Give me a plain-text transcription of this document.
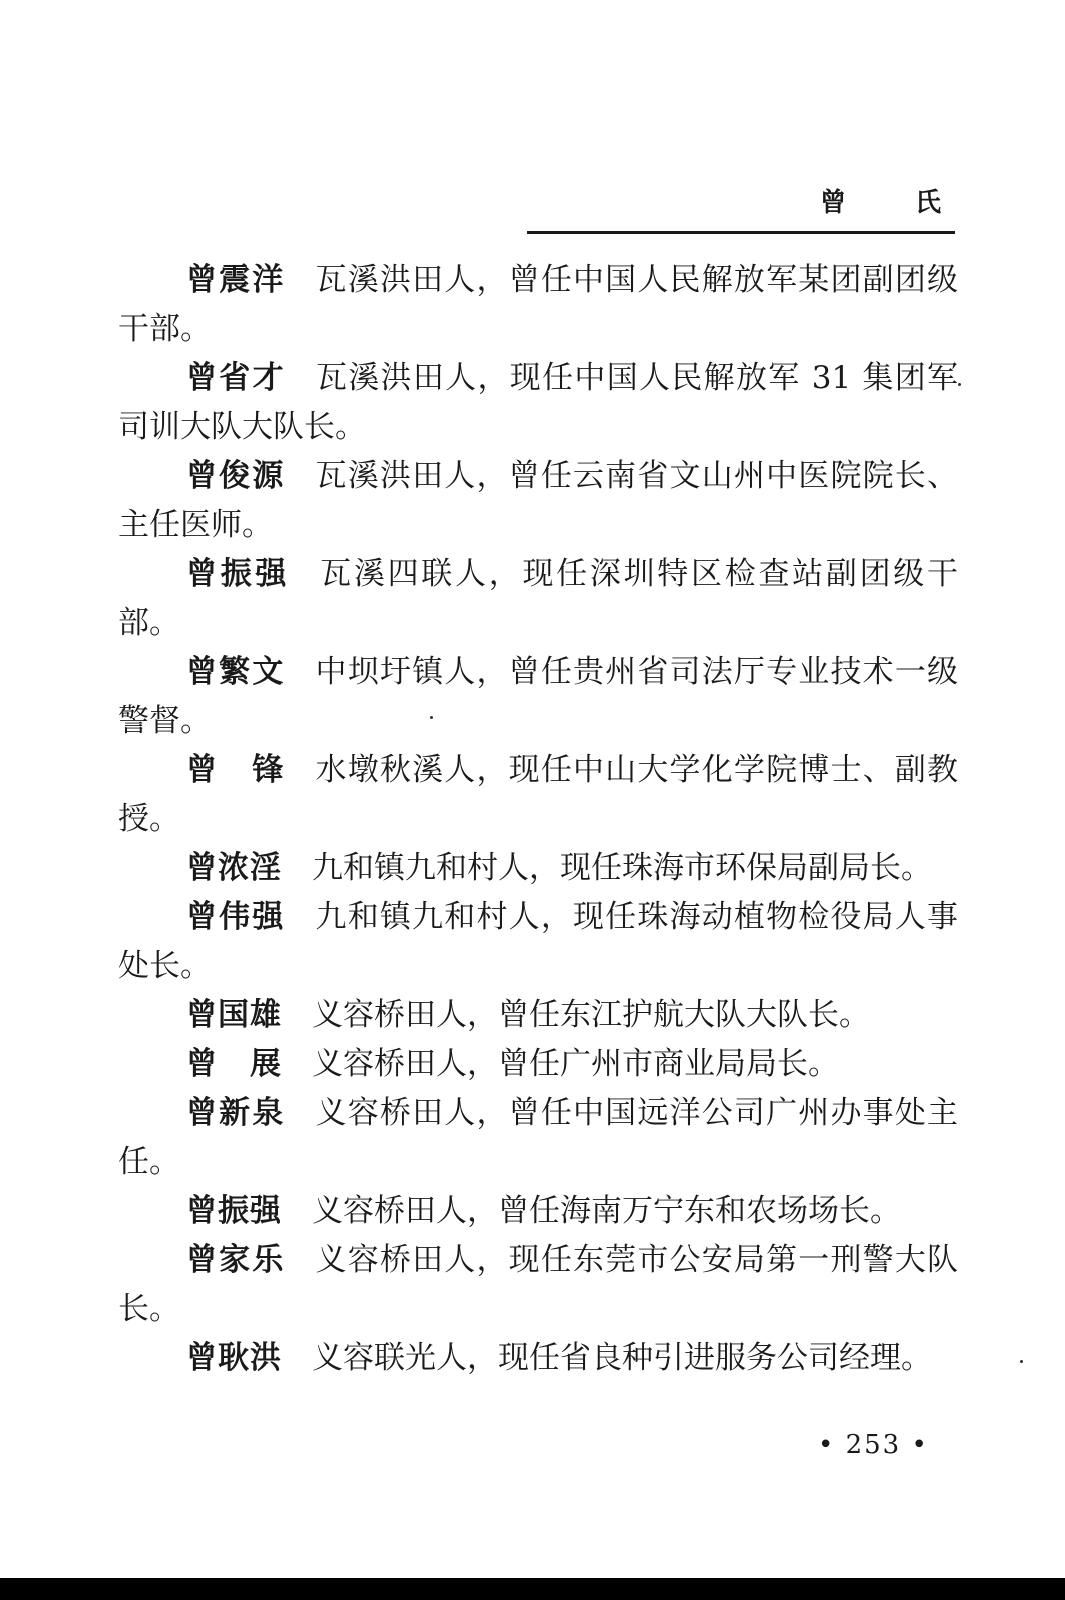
曾 氏

曾震洋 瓦溪洪田人，曾任中国人民解放军某团副团级干部。

曾省才 瓦溪洪田人，现任中国人民解放军 31 集团军司训大队大队长。

曾俊源 瓦溪洪田人，曾任云南省文山州中医院院长、主任医师。

曾振强 瓦溪四联人，现任深圳特区检查站副团级干部。

曾繁文 中坝圩镇人，曾任贵州省司法厅专业技术一级警督。

曾　锋 水墩秋溪人，现任中山大学化学院博士、副教授。

曾浓淫 九和镇九和村人，现任珠海市环保局副局长。

曾伟强 九和镇九和村人，现任珠海动植物检役局人事处长。

曾国雄 义容桥田人，曾任东江护航大队大队长。

曾　展 义容桥田人，曾任广州市商业局局长。

曾新泉 义容桥田人，曾任中国远洋公司广州办事处主任。

曾振强 义容桥田人，曾任海南万宁东和农场场长。

曾家乐 义容桥田人，现任东莞市公安局第一刑警大队长。

曾耿洪 义容联光人，现任省良种引进服务公司经理。

• 253 •
